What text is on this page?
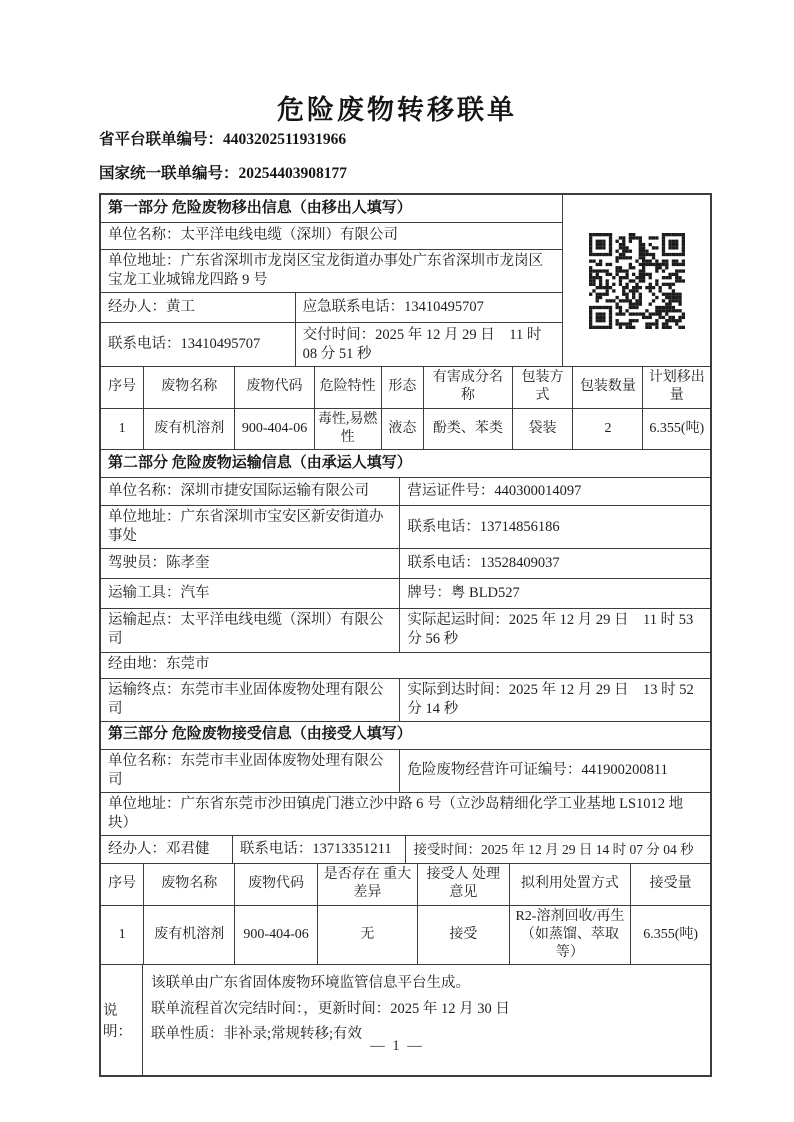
危险废物转移联单
省平台联单编号：4403202511931966
国家统一联单编号：20254403908177
第一部分 危险废物移出信息（由移出人填写）
单位名称：太平洋电线电缆（深圳）有限公司
单位地址：广东省深圳市龙岗区宝龙街道办事处广东省深圳市龙岗区宝龙工业城锦龙四路 9 号
经办人：黄工	应急联系电话：13410495707
联系电话：13410495707
交付时间：2025 年 12 月 29 日　11 时 08 分 51 秒
序号	废物名称	废物代码	危险特性	形态	有害成分名称	包装方式	包装数量	计划移出量
1	废有机溶剂	900-404-06	毒性,易燃性	液态	酚类、苯类	袋装	2	6.355(吨)
第二部分 危险废物运输信息（由承运人填写）
单位名称：深圳市捷安国际运输有限公司	营运证件号：440300014097
单位地址：广东省深圳市宝安区新安街道办事处
联系电话：13714856186
驾驶员：陈孝奎	联系电话：13528409037
运输工具：汽车	牌号：粤 BLD527
运输起点：太平洋电线电缆（深圳）有限公司
实际起运时间：2025 年 12 月 29 日　11 时 53 分 56 秒
经由地：东莞市
运输终点：东莞市丰业固体废物处理有限公司
实际到达时间：2025 年 12 月 29 日　13 时 52 分 14 秒
第三部分 危险废物接受信息（由接受人填写）
单位名称：东莞市丰业固体废物处理有限公司
危险废物经营许可证编号：441900200811
单位地址：广东省东莞市沙田镇虎门港立沙中路 6 号（立沙岛精细化学工业基地 LS1012 地块）
经办人：邓君健	联系电话：13713351211	接受时间：2025 年 12 月 29 日 14 时 07 分 04 秒
序号	废物名称	废物代码	是否存在 重大差异	接受人 处理意见	拟利用处置方式	接受量
1	废有机溶剂	900-404-06	无	接受	R2-溶剂回收/再生（如蒸馏、萃取等）	6.355(吨)
说明：
该联单由广东省固体废物环境监管信息平台生成。
联单流程首次完结时间：，更新时间：2025 年 12 月 30 日
联单性质：非补录;常规转移;有效
— 1 —
